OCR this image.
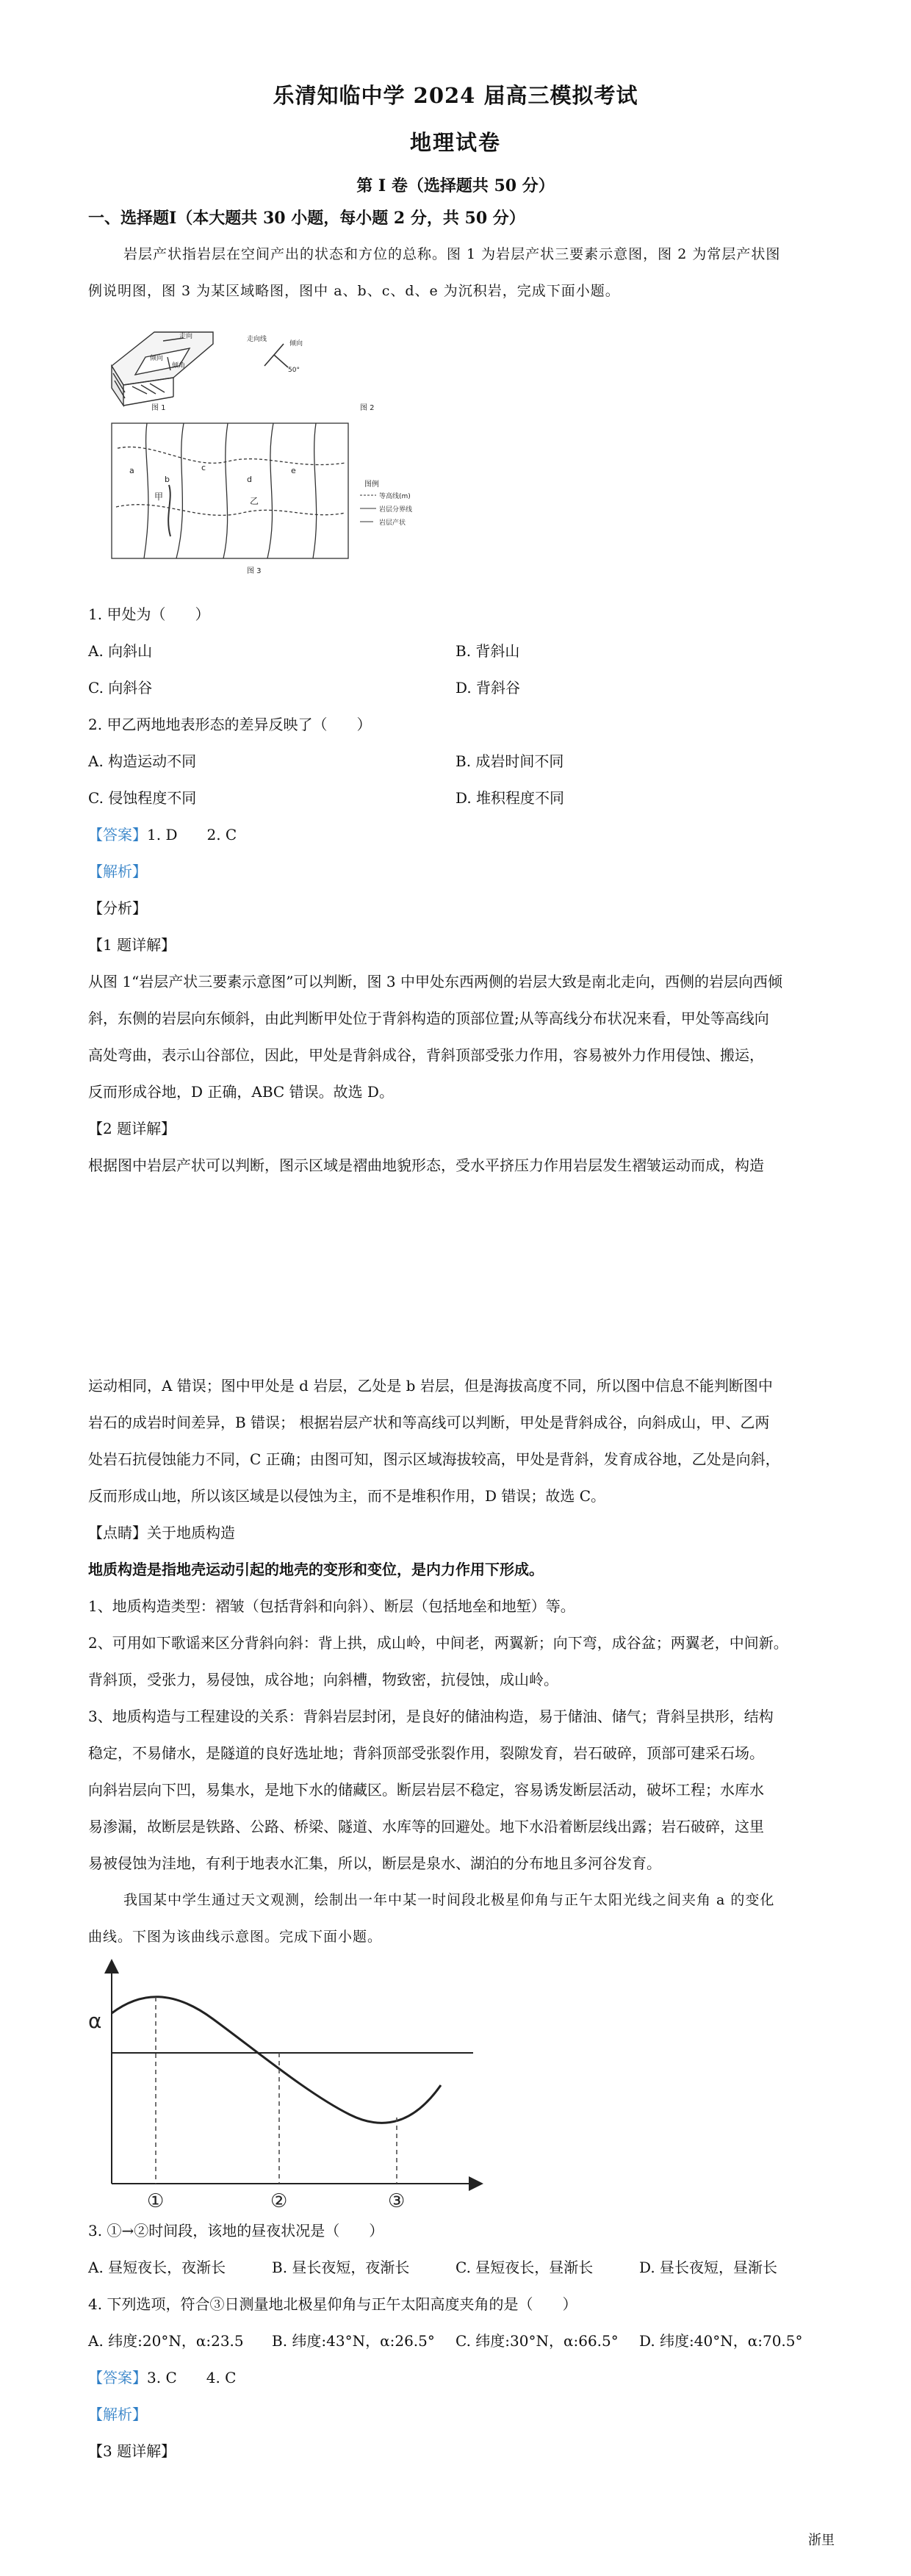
乐清知临中学 2024 届高三模拟考试
地理试卷
第 I 卷（选择题共 50 分）
一、选择题I（本大题共 30 小题，每小题 2 分，共 50 分）
岩层产状指岩层在空间产出的状态和方位的总称。图 1 为岩层产状三要素示意图，图 2 为常层产状图
例说明图，图 3 为某区域略图，图中 a、b、c、d、e 为沉积岩，完成下面小题。
走向
倾向
倾角
图 1
走向线
倾向
50°
图 2
a
b
c
d
e
甲	乙
图例
等高线(m)
岩层分界线
岩层产状
图 3
1. 甲处为（　　）
A. 向斜山	B. 背斜山
C. 向斜谷	D. 背斜谷
2. 甲乙两地地表形态的差异反映了（　　）
A. 构造运动不同	B. 成岩时间不同
C. 侵蚀程度不同	D. 堆积程度不同
【答案】1. D　　2. C
【解析】
【分析】
【1 题详解】
从图 1“岩层产状三要素示意图”可以判断，图 3 中甲处东西两侧的岩层大致是南北走向，西侧的岩层向西倾
斜，东侧的岩层向东倾斜，由此判断甲处位于背斜构造的顶部位置;从等高线分布状况来看，甲处等高线向
高处弯曲，表示山谷部位，因此，甲处是背斜成谷，背斜顶部受张力作用，容易被外力作用侵蚀、搬运，
反而形成谷地，D 正确，ABC 错误。故选 D。
【2 题详解】
根据图中岩层产状可以判断，图示区域是褶曲地貌形态，受水平挤压力作用岩层发生褶皱运动而成，构造
运动相同，A 错误；图中甲处是 d 岩层，乙处是 b 岩层，但是海拔高度不同，所以图中信息不能判断图中
岩石的成岩时间差异，B 错误； 根据岩层产状和等高线可以判断，甲处是背斜成谷，向斜成山，甲、乙两
处岩石抗侵蚀能力不同，C 正确；由图可知，图示区域海拔较高，甲处是背斜，发育成谷地，乙处是向斜，
反而形成山地，所以该区域是以侵蚀为主，而不是堆积作用，D 错误；故选 C。
【点睛】关于地质构造
地质构造是指地壳运动引起的地壳的变形和变位，是内力作用下形成。
1、地质构造类型：褶皱（包括背斜和向斜）、断层（包括地垒和地堑）等。
2、可用如下歌谣来区分背斜向斜：背上拱，成山岭，中间老，两翼新；向下弯，成谷盆；两翼老，中间新。
背斜顶，受张力，易侵蚀，成谷地；向斜槽，物致密，抗侵蚀，成山岭。
3、地质构造与工程建设的关系：背斜岩层封闭，是良好的储油构造，易于储油、储气；背斜呈拱形，结构
稳定，不易储水，是隧道的良好选址地；背斜顶部受张裂作用，裂隙发育，岩石破碎，顶部可建采石场。
向斜岩层向下凹，易集水，是地下水的储藏区。断层岩层不稳定，容易诱发断层活动，破坏工程；水库水
易渗漏，故断层是铁路、公路、桥梁、隧道、水库等的回避处。地下水沿着断层线出露；岩石破碎，这里
易被侵蚀为洼地，有利于地表水汇集，所以，断层是泉水、湖泊的分布地且多河谷发育。
我国某中学生通过天文观测，绘制出一年中某一时间段北极星仰角与正午太阳光线之间夹角 a 的变化
曲线。下图为该曲线示意图。完成下面小题。
α
①	②	③
3. ①→②时间段，该地的昼夜状况是（　　）
A. 昼短夜长，夜渐长	B. 昼长夜短，夜渐长	C. 昼短夜长，昼渐长	D. 昼长夜短，昼渐长
4. 下列选项，符合③日测量地北极星仰角与正午太阳高度夹角的是（　　）
A. 纬度:20°N，α:23.5 B. 纬度:43°N，α:26.5° C. 纬度:30°N，α:66.5° D. 纬度:40°N，α:70.5°
【答案】3. C　　4. C
【解析】
【3 题详解】
浙里
